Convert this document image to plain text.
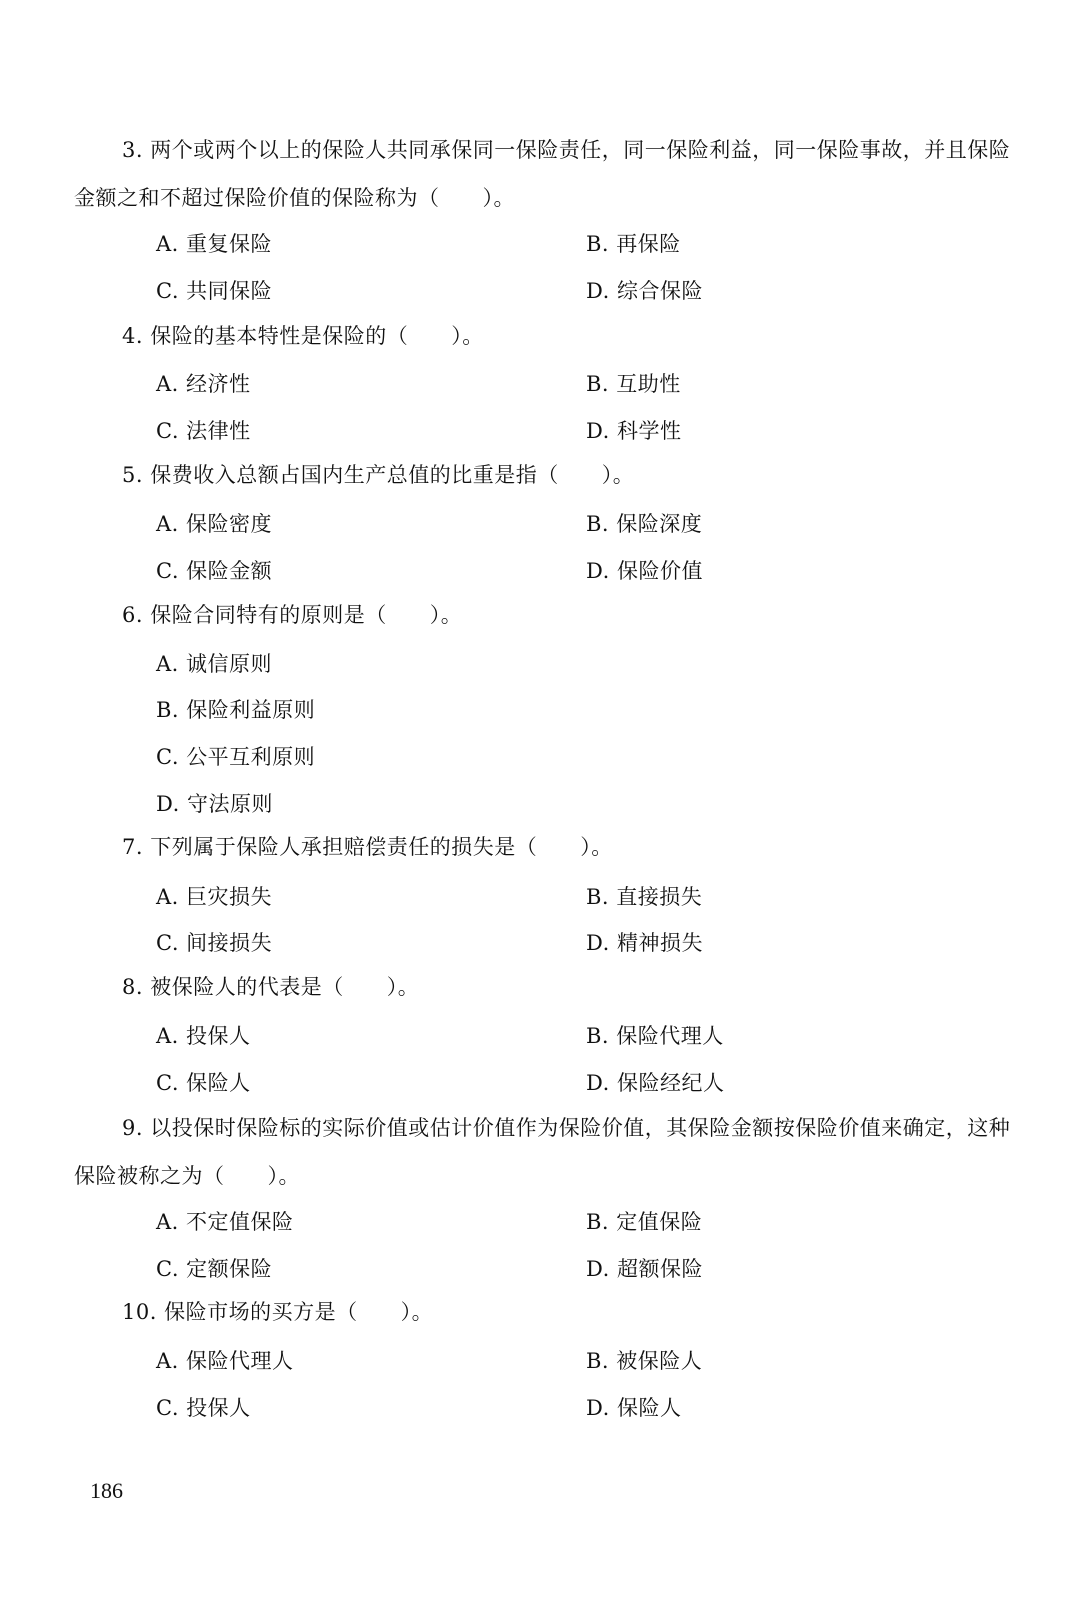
3. 两个或两个以上的保险人共同承保同一保险责任，同一保险利益，同一保险事故，并且保险金额之和不超过保险价值的保险称为（　　）。

A. 重复保险	B. 再保险
C. 共同保险	D. 综合保险

4. 保险的基本特性是保险的（　　）。

A. 经济性	B. 互助性
C. 法律性	D. 科学性

5. 保费收入总额占国内生产总值的比重是指（　　）。

A. 保险密度	B. 保险深度
C. 保险金额	D. 保险价值

6. 保险合同特有的原则是（　　）。

A. 诚信原则
B. 保险利益原则
C. 公平互利原则
D. 守法原则

7. 下列属于保险人承担赔偿责任的损失是（　　）。

A. 巨灾损失	B. 直接损失
C. 间接损失	D. 精神损失

8. 被保险人的代表是（　　）。

A. 投保人	B. 保险代理人
C. 保险人	D. 保险经纪人

9. 以投保时保险标的实际价值或估计价值作为保险价值，其保险金额按保险价值来确定，这种保险被称之为（　　）。

A. 不定值保险	B. 定值保险
C. 定额保险	D. 超额保险

10. 保险市场的买方是（　　）。

A. 保险代理人	B. 被保险人
C. 投保人	D. 保险人
186
